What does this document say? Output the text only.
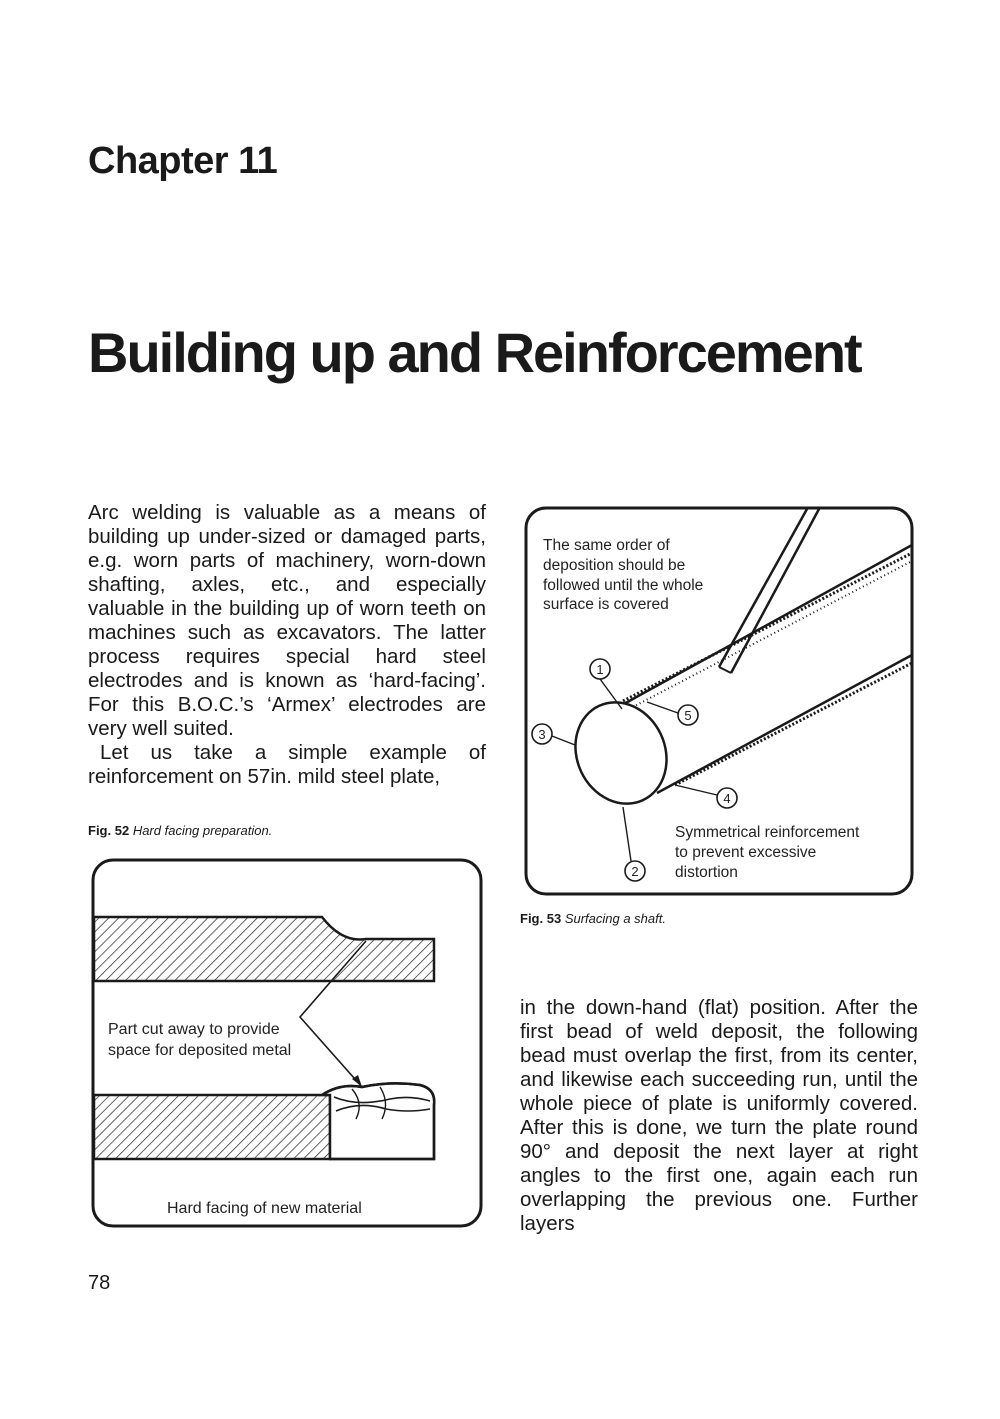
Chapter 11
Building up and Reinforcement

Arc welding is valuable as a means of building up under-sized or damaged parts, e.g. worn parts of machinery, worn-down shafting, axles, etc., and especially valuable in the building up of worn teeth on machines such as excavators. The latter process requires special hard steel electrodes and is known as ‘hard-facing’. For this B.O.C.’s ‘Armex’ electrodes are very well suited.

Let us take a simple example of reinforcement on 57in. mild steel plate,

Fig. 52 Hard facing preparation.

Part cut away to provide
space for deposited metal
Hard facing of new material
The same order of
deposition should be
followed until the whole
surface is covered
Symmetrical reinforcement
to prevent excessive
distortion
1
5
3
4
2

Fig. 53 Surfacing a shaft.

in the down-hand (flat) position. After the first bead of weld deposit, the following bead must overlap the first, from its center, and likewise each succeeding run, until the whole piece of plate is uniformly covered. After this is done, we turn the plate round 90° and deposit the next layer at right angles to the first one, again each run overlapping the previous one. Further layers

78
